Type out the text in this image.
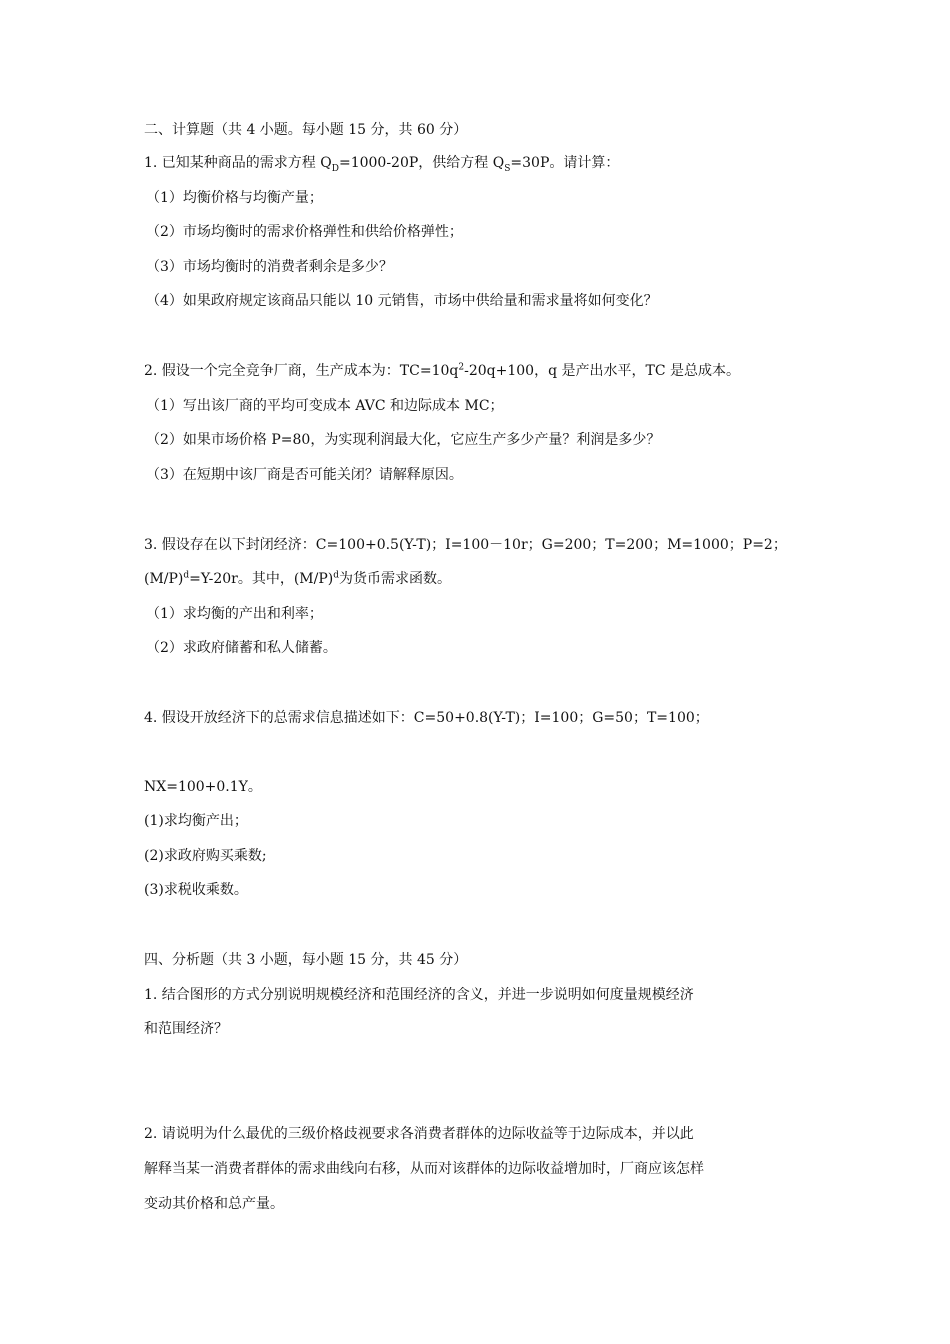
二、计算题（共 4 小题。每小题 15 分，共 60 分）
1. 已知某种商品的需求方程 $Q_D=1000-20P$，供给方程 $Q_S=30P$。请计算：
（1）均衡价格与均衡产量；
（2）市场均衡时的需求价格弹性和供给价格弹性；
（3）市场均衡时的消费者剩余是多少？
（4）如果政府规定该商品只能以 10 元销售，市场中供给量和需求量将如何变化？
2. 假设一个完全竞争厂商，生产成本为：$TC=10q^2-20q+100$，q 是产出水平，TC 是总成本。
（1）写出该厂商的平均可变成本 AVC 和边际成本 MC；
（2）如果市场价格 P=80，为实现利润最大化，它应生产多少产量？利润是多少？
（3）在短期中该厂商是否可能关闭？请解释原因。
3. 假设存在以下封闭经济：C=100+0.5(Y-T)；I=100－10r；G=200；T=200；M=1000；P=2；
$(M/P)^d=Y-20r$。其中，$(M/P)^d$为货币需求函数。
（1）求均衡的产出和利率；
（2）求政府储蓄和私人储蓄。
4. 假设开放经济下的总需求信息描述如下：C=50+0.8(Y-T)；I=100；G=50；T=100；
NX=100+0.1Y。
(1)求均衡产出；
(2)求政府购买乘数;
(3)求税收乘数。
四、分析题（共 3 小题，每小题 15 分，共 45 分）
1. 结合图形的方式分别说明规模经济和范围经济的含义，并进一步说明如何度量规模经济
和范围经济？
2. 请说明为什么最优的三级价格歧视要求各消费者群体的边际收益等于边际成本，并以此
解释当某一消费者群体的需求曲线向右移，从而对该群体的边际收益增加时，厂商应该怎样
变动其价格和总产量。
